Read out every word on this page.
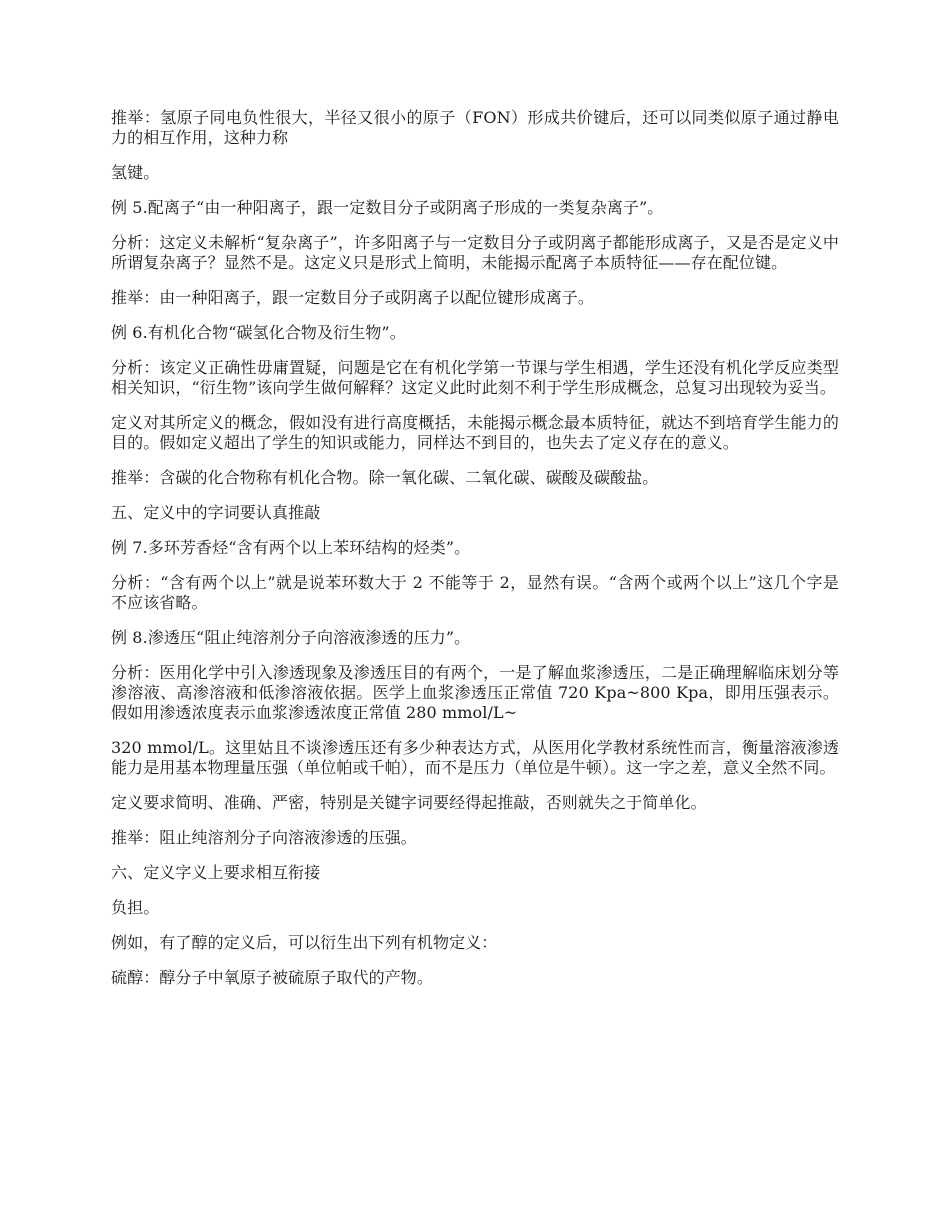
推举：氢原子同电负性很大，半径又很小的原子（FON）形成共价键后，还可以同类似原子通过静电力的相互作用，这种力称

氢键。

例 5.配离子“由一种阳离子，跟一定数目分子或阴离子形成的一类复杂离子”。

分析：这定义未解析“复杂离子”，许多阳离子与一定数目分子或阴离子都能形成离子，又是否是定义中所谓复杂离子？显然不是。这定义只是形式上简明，未能揭示配离子本质特征——存在配位键。

推举：由一种阳离子，跟一定数目分子或阴离子以配位键形成离子。

例 6.有机化合物“碳氢化合物及衍生物”。

分析：该定义正确性毋庸置疑，问题是它在有机化学第一节课与学生相遇，学生还没有机化学反应类型相关知识，“衍生物”该向学生做何解释？这定义此时此刻不利于学生形成概念，总复习出现较为妥当。

定义对其所定义的概念，假如没有进行高度概括，未能揭示概念最本质特征，就达不到培育学生能力的目的。假如定义超出了学生的知识或能力，同样达不到目的，也失去了定义存在的意义。

推举：含碳的化合物称有机化合物。除一氧化碳、二氧化碳、碳酸及碳酸盐。

五、定义中的字词要认真推敲

例 7.多环芳香烃“含有两个以上苯环结构的烃类”。

分析：“含有两个以上”就是说苯环数大于 2 不能等于 2，显然有误。“含两个或两个以上”这几个字是不应该省略。

例 8.渗透压“阻止纯溶剂分子向溶液渗透的压力”。

分析：医用化学中引入渗透现象及渗透压目的有两个，一是了解血浆渗透压，二是正确理解临床划分等渗溶液、高渗溶液和低渗溶液依据。医学上血浆渗透压正常值 720 Kpa~800 Kpa，即用压强表示。假如用渗透浓度表示血浆渗透浓度正常值 280 mmol/L~

320 mmol/L。这里姑且不谈渗透压还有多少种表达方式，从医用化学教材系统性而言，衡量溶液渗透能力是用基本物理量压强（单位帕或千帕），而不是压力（单位是牛顿）。这一字之差，意义全然不同。

定义要求简明、准确、严密，特别是关键字词要经得起推敲，否则就失之于简单化。

推举：阻止纯溶剂分子向溶液渗透的压强。

六、定义字义上要求相互衔接

负担。

例如，有了醇的定义后，可以衍生出下列有机物定义：

硫醇：醇分子中氧原子被硫原子取代的产物。
